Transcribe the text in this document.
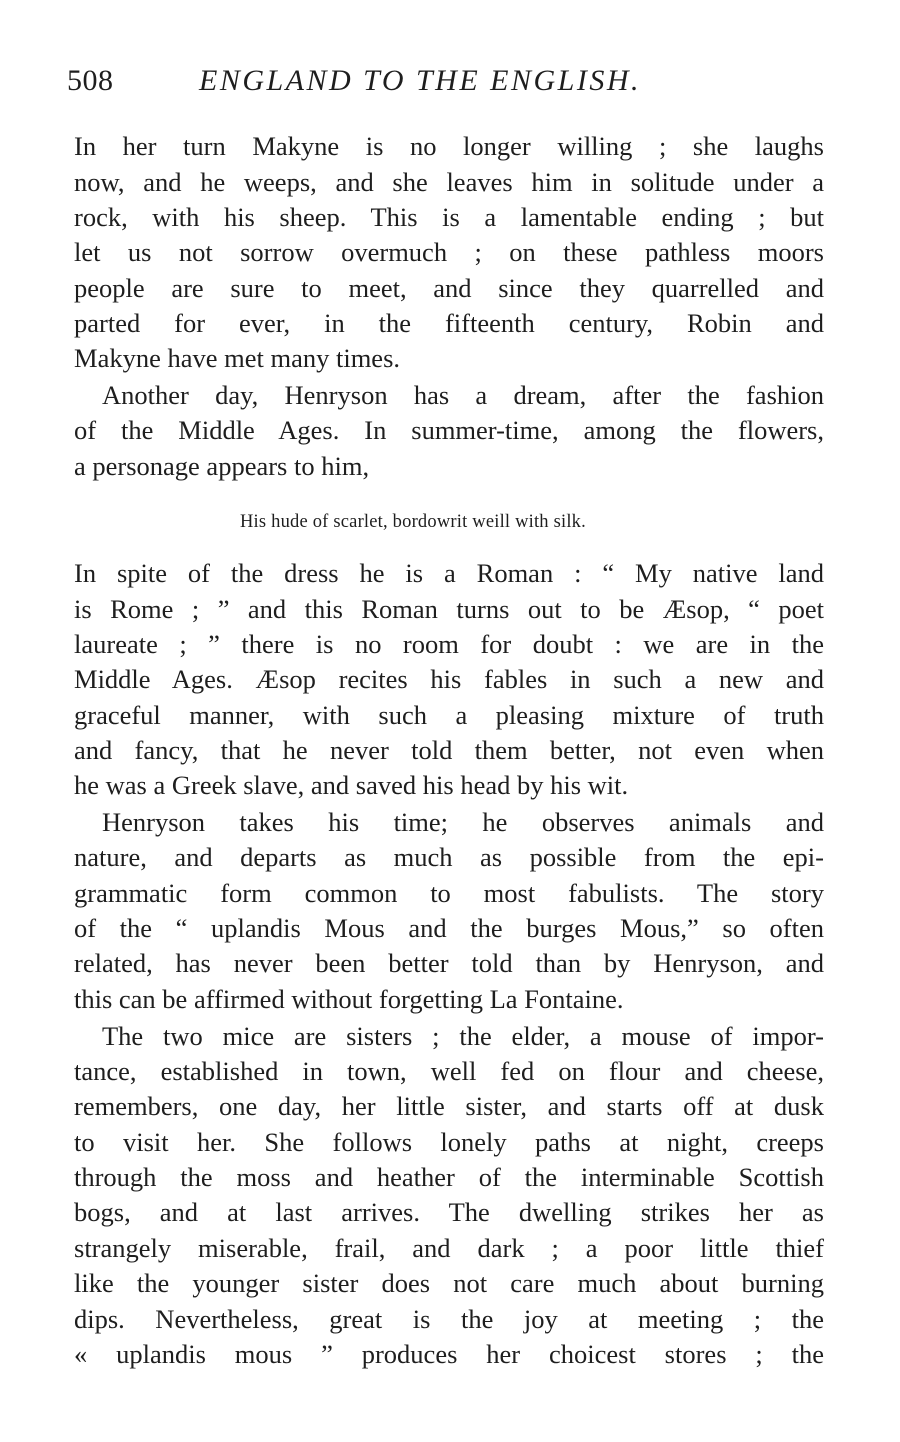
508	ENGLAND TO THE ENGLISH.
In her turn Makyne is no longer willing ; she laughs
now, and he weeps, and she leaves him in solitude under a
rock, with his sheep. This is a lamentable ending ; but
let us not sorrow overmuch ; on these pathless moors
people are sure to meet, and since they quarrelled and
parted for ever, in the fifteenth century, Robin and
Makyne have met many times.
Another day, Henryson has a dream, after the fashion
of the Middle Ages. In summer-time, among the flowers,
a personage appears to him,
His hude of scarlet, bordowrit weill with silk.
In spite of the dress he is a Roman : “ My native land
is Rome ; ” and this Roman turns out to be Æsop, “ poet
laureate ; ” there is no room for doubt : we are in the
Middle Ages. Æsop recites his fables in such a new and
graceful manner, with such a pleasing mixture of truth
and fancy, that he never told them better, not even when
he was a Greek slave, and saved his head by his wit.
Henryson takes his time; he observes animals and
nature, and departs as much as possible from the epi-
grammatic form common to most fabulists. The story
of the “ uplandis Mous and the burges Mous,” so often
related, has never been better told than by Henryson, and
this can be affirmed without forgetting La Fontaine.
The two mice are sisters ; the elder, a mouse of impor-
tance, established in town, well fed on flour and cheese,
remembers, one day, her little sister, and starts off at dusk
to visit her. She follows lonely paths at night, creeps
through the moss and heather of the interminable Scottish
bogs, and at last arrives. The dwelling strikes her as
strangely miserable, frail, and dark ; a poor little thief
like the younger sister does not care much about burning
dips. Nevertheless, great is the joy at meeting ; the
« uplandis mous ” produces her choicest stores ; the
